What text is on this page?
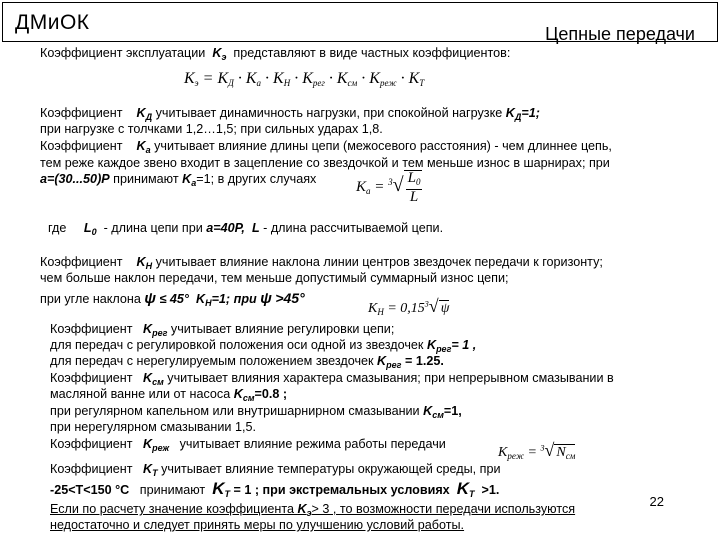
ДМиОК	Цепные передачи
Коэффициент эксплуатации $K_э$ представляют в виде частных коэффициентов:
$K_э = K_Д \cdot K_а \cdot K_Н \cdot K_{рег} \cdot K_{см} \cdot K_{реж} \cdot K_Т$
Коэффициент $K_Д$ учитывает динамичность нагрузки, при спокойной нагрузке $K_Д=1$;
при нагрузке с толчками 1,2…1,5; при сильных ударах 1,8.
Коэффициент $K_а$ учитывает влияние длины цепи (межосевого расстояния) - чем длиннее цепь,
тем реже каждое звено входит в зацепление со звездочкой и тем меньше износ в шарнирах; при
a=(30...50)P принимают $K_а=1$; в других случаях	$K_а = ^3√ \frac{L_0}{L}$
где $L_0$ - длина цепи при a=40P, L - длина рассчитываемой цепи.
Коэффициент $K_Н$ учитывает влияние наклона линии центров звездочек передачи к горизонту;
чем больше наклон передачи, тем меньше допустимый суммарный износ цепи;
при угле наклона ψ ≤ 45° $K_Н=1$; при ψ >45°
$K_Н = 0,15^3√$ ψ
Коэффициент $K_{рег}$ учитывает влияние регулировки цепи;
для передач с регулировкой положения оси одной из звездочек $K_{рег}= 1$ ,
для передач с нерегулируемым положением звездочек $K_{рег} = 1.25$.
Коэффициент $K_{см}$ учитывает влияния характера смазывания; при непрерывном смазывании в
масляной ванне или от насоса $K_{см}=0.8$ ;
при регулярном капельном или внутришарнирном смазывании $K_{см}=1$,
при нерегулярном смазывании 1,5.
Коэффициент $K_{реж}$ учитывает влияние режима работы передачи
$K_{реж} = ^3√$ $N_{см}$
Коэффициент $K_Т$ учитывает влияние температуры окружающей среды, при
-25<T<150 °С принимают $K_Т = 1$ ; при экстремальных условиях $K_Т >1$.
Если по расчету значение коэффициента $K_э> 3$ , то возможности передачи используются
недостаточно и следует принять меры по улучшению условий работы.
22
